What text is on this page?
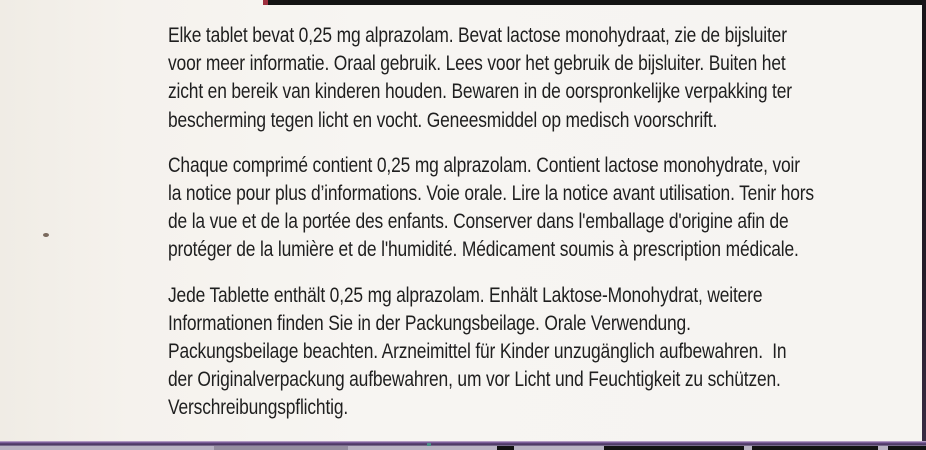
Elke tablet bevat 0,25 mg alprazolam. Bevat lactose monohydraat, zie de bijsluiter
voor meer informatie. Oraal gebruik. Lees voor het gebruik de bijsluiter. Buiten het
zicht en bereik van kinderen houden. Bewaren in de oorspronkelijke verpakking ter
bescherming tegen licht en vocht. Geneesmiddel op medisch voorschrift.
Chaque comprimé contient 0,25 mg alprazolam. Contient lactose monohydrate, voir
la notice pour plus d’informations. Voie orale. Lire la notice avant utilisation. Tenir hors
de la vue et de la portée des enfants. Conserver dans l'emballage d'origine afin de
protéger de la lumière et de l'humidité. Médicament soumis à prescription médicale.
Jede Tablette enthält 0,25 mg alprazolam. Enhält Laktose-Monohydrat, weitere
Informationen finden Sie in der Packungsbeilage. Orale Verwendung.
Packungsbeilage beachten. Arzneimittel für Kinder unzugänglich aufbewahren.  In
der Originalverpackung aufbewahren, um vor Licht und Feuchtigkeit zu schützen.
Verschreibungspflichtig.
